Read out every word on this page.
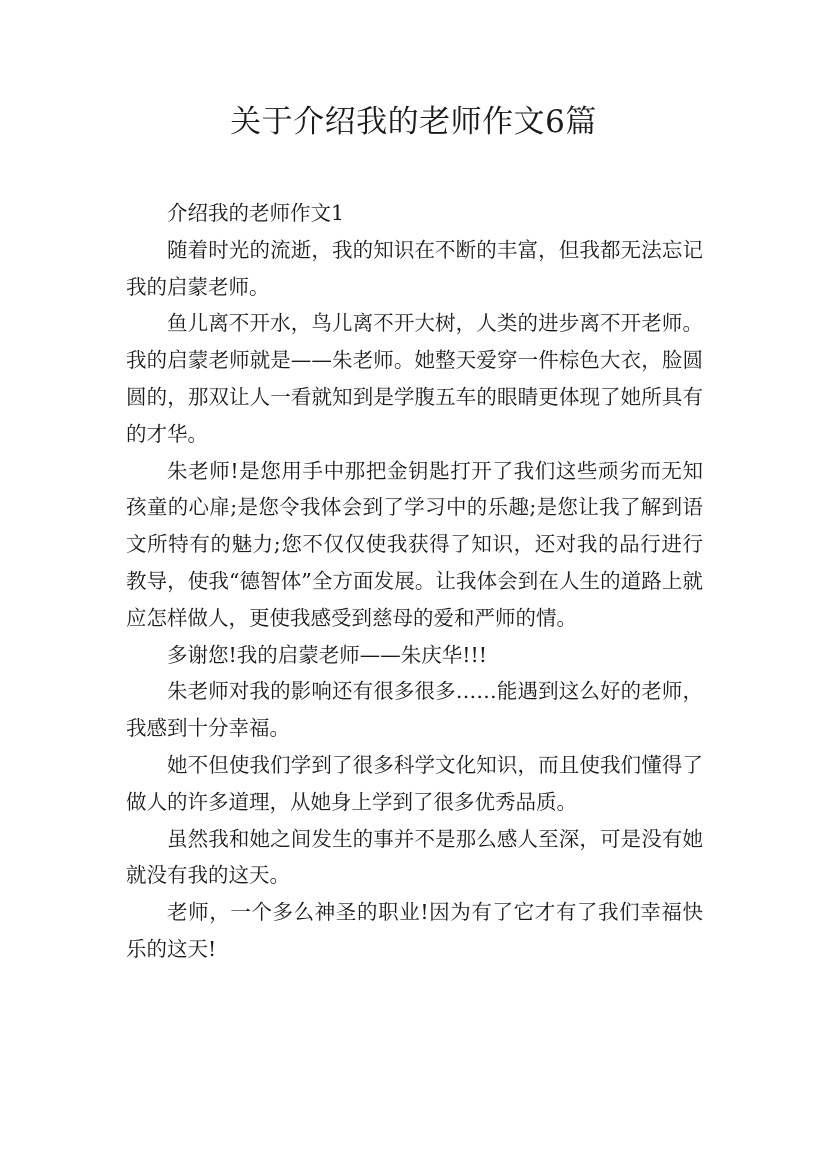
关于介绍我的老师作文6篇

介绍我的老师作文1

随着时光的流逝，我的知识在不断的丰富，但我都无法忘记我的启蒙老师。

鱼儿离不开水，鸟儿离不开大树，人类的进步离不开老师。我的启蒙老师就是——朱老师。她整天爱穿一件棕色大衣，脸圆圆的，那双让人一看就知到是学腹五车的眼睛更体现了她所具有的才华。

朱老师!是您用手中那把金钥匙打开了我们这些顽劣而无知孩童的心扉;是您令我体会到了学习中的乐趣;是您让我了解到语文所特有的魅力;您不仅仅使我获得了知识，还对我的品行进行教导，使我“德智体”全方面发展。让我体会到在人生的道路上就应怎样做人，更使我感受到慈母的爱和严师的情。

多谢您!我的启蒙老师——朱庆华!!!

朱老师对我的影响还有很多很多……能遇到这么好的老师，我感到十分幸福。

她不但使我们学到了很多科学文化知识，而且使我们懂得了做人的许多道理，从她身上学到了很多优秀品质。

虽然我和她之间发生的事并不是那么感人至深，可是没有她就没有我的这天。

老师，一个多么神圣的职业!因为有了它才有了我们幸福快乐的这天!
